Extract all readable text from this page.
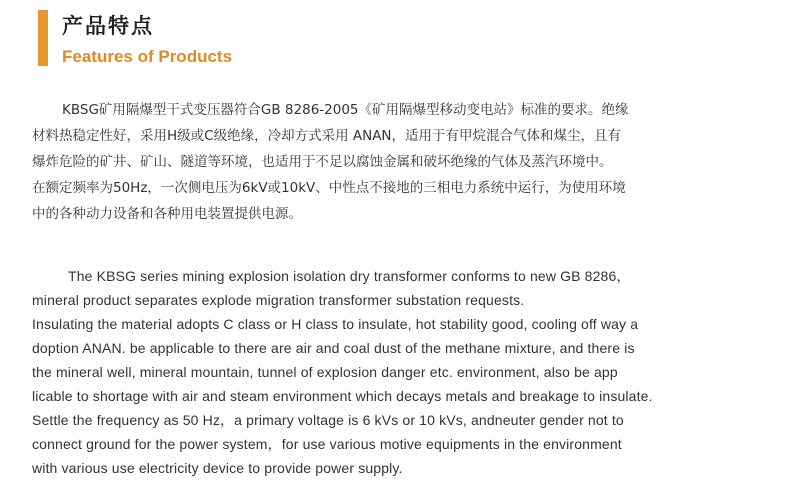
产品特点
Features of Products
KBSG矿用隔爆型干式变压器符合GB 8286-2005《矿用隔爆型移动变电站》标准的要求。绝缘
材料热稳定性好，采用H级或C级绝缘，冷却方式采用 ANAN，适用于有甲烷混合气体和煤尘，且有
爆炸危险的矿井、矿山、隧道等环境，也适用于不足以腐蚀金属和破坏绝缘的气体及蒸汽环境中。
在额定频率为50Hz，一次侧电压为6kV或10kV、中性点不接地的三相电力系统中运行，为使用环境
中的各种动力设备和各种用电装置提供电源。
The KBSG series mining explosion isolation dry transformer conforms to new GB 8286，
mineral product separates explode migration transformer substation requests.
Insulating the material adopts C class or H class to insulate, hot stability good, cooling off way a
doption ANAN. be applicable to there are air and coal dust of the methane mixture, and there is
the mineral well, mineral mountain, tunnel of explosion danger etc. environment, also be app
licable to shortage with air and steam environment which decays metals and breakage to insulate.
Settle the frequency as 50 Hz，a primary voltage is 6 kVs or 10 kVs, andneuter gender not to
connect ground for the power system，for use various motive equipments in the environment
with various use electricity device to provide power supply.
